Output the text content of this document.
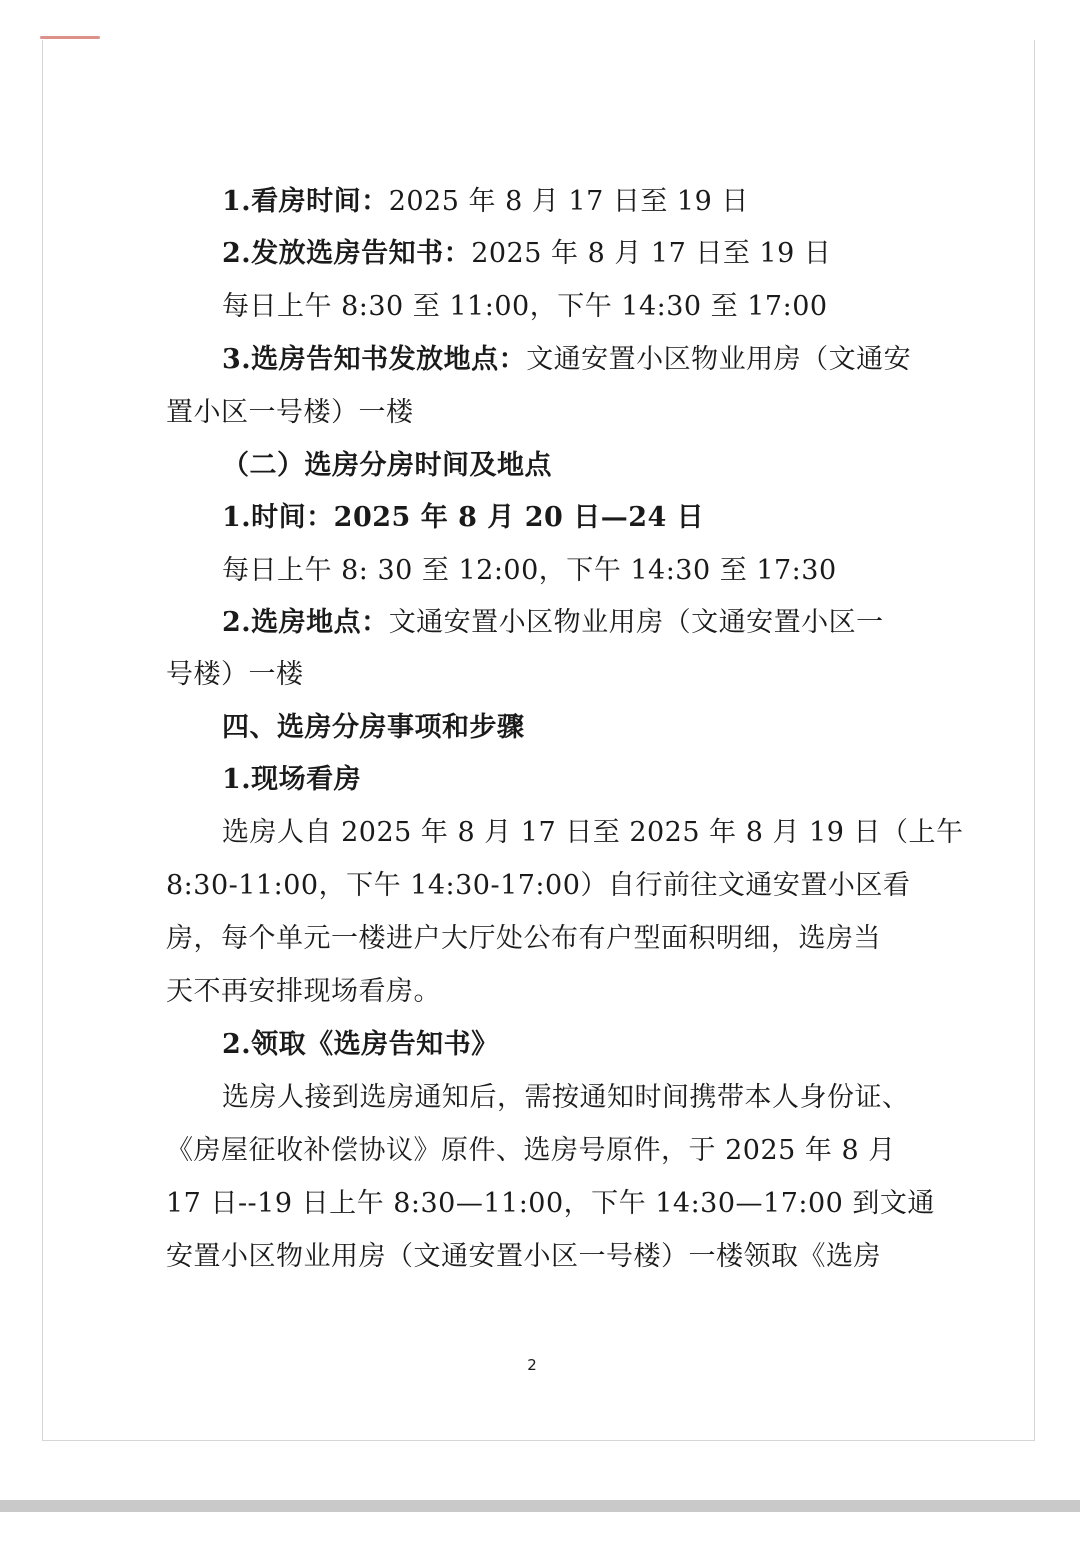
1.看房时间：2025 年 8 月 17 日至 19 日
2.发放选房告知书：2025 年 8 月 17 日至 19 日
每日上午 8:30 至 11:00，下午 14:30 至 17:00
3.选房告知书发放地点：文通安置小区物业用房（文通安
置小区一号楼）一楼
（二）选房分房时间及地点
1.时间：2025 年 8 月 20 日—24 日
每日上午 8: 30 至 12:00，下午 14:30 至 17:30
2.选房地点：文通安置小区物业用房（文通安置小区一
号楼）一楼
四、选房分房事项和步骤
1.现场看房
选房人自 2025 年 8 月 17 日至 2025 年 8 月 19 日（上午
8:30-11:00，下午 14:30-17:00）自行前往文通安置小区看
房，每个单元一楼进户大厅处公布有户型面积明细，选房当
天不再安排现场看房。
2.领取《选房告知书》
选房人接到选房通知后，需按通知时间携带本人身份证、
《房屋征收补偿协议》原件、选房号原件，于 2025 年 8 月
17 日--19 日上午 8:30—11:00，下午 14:30—17:00 到文通
安置小区物业用房（文通安置小区一号楼）一楼领取《选房
2
